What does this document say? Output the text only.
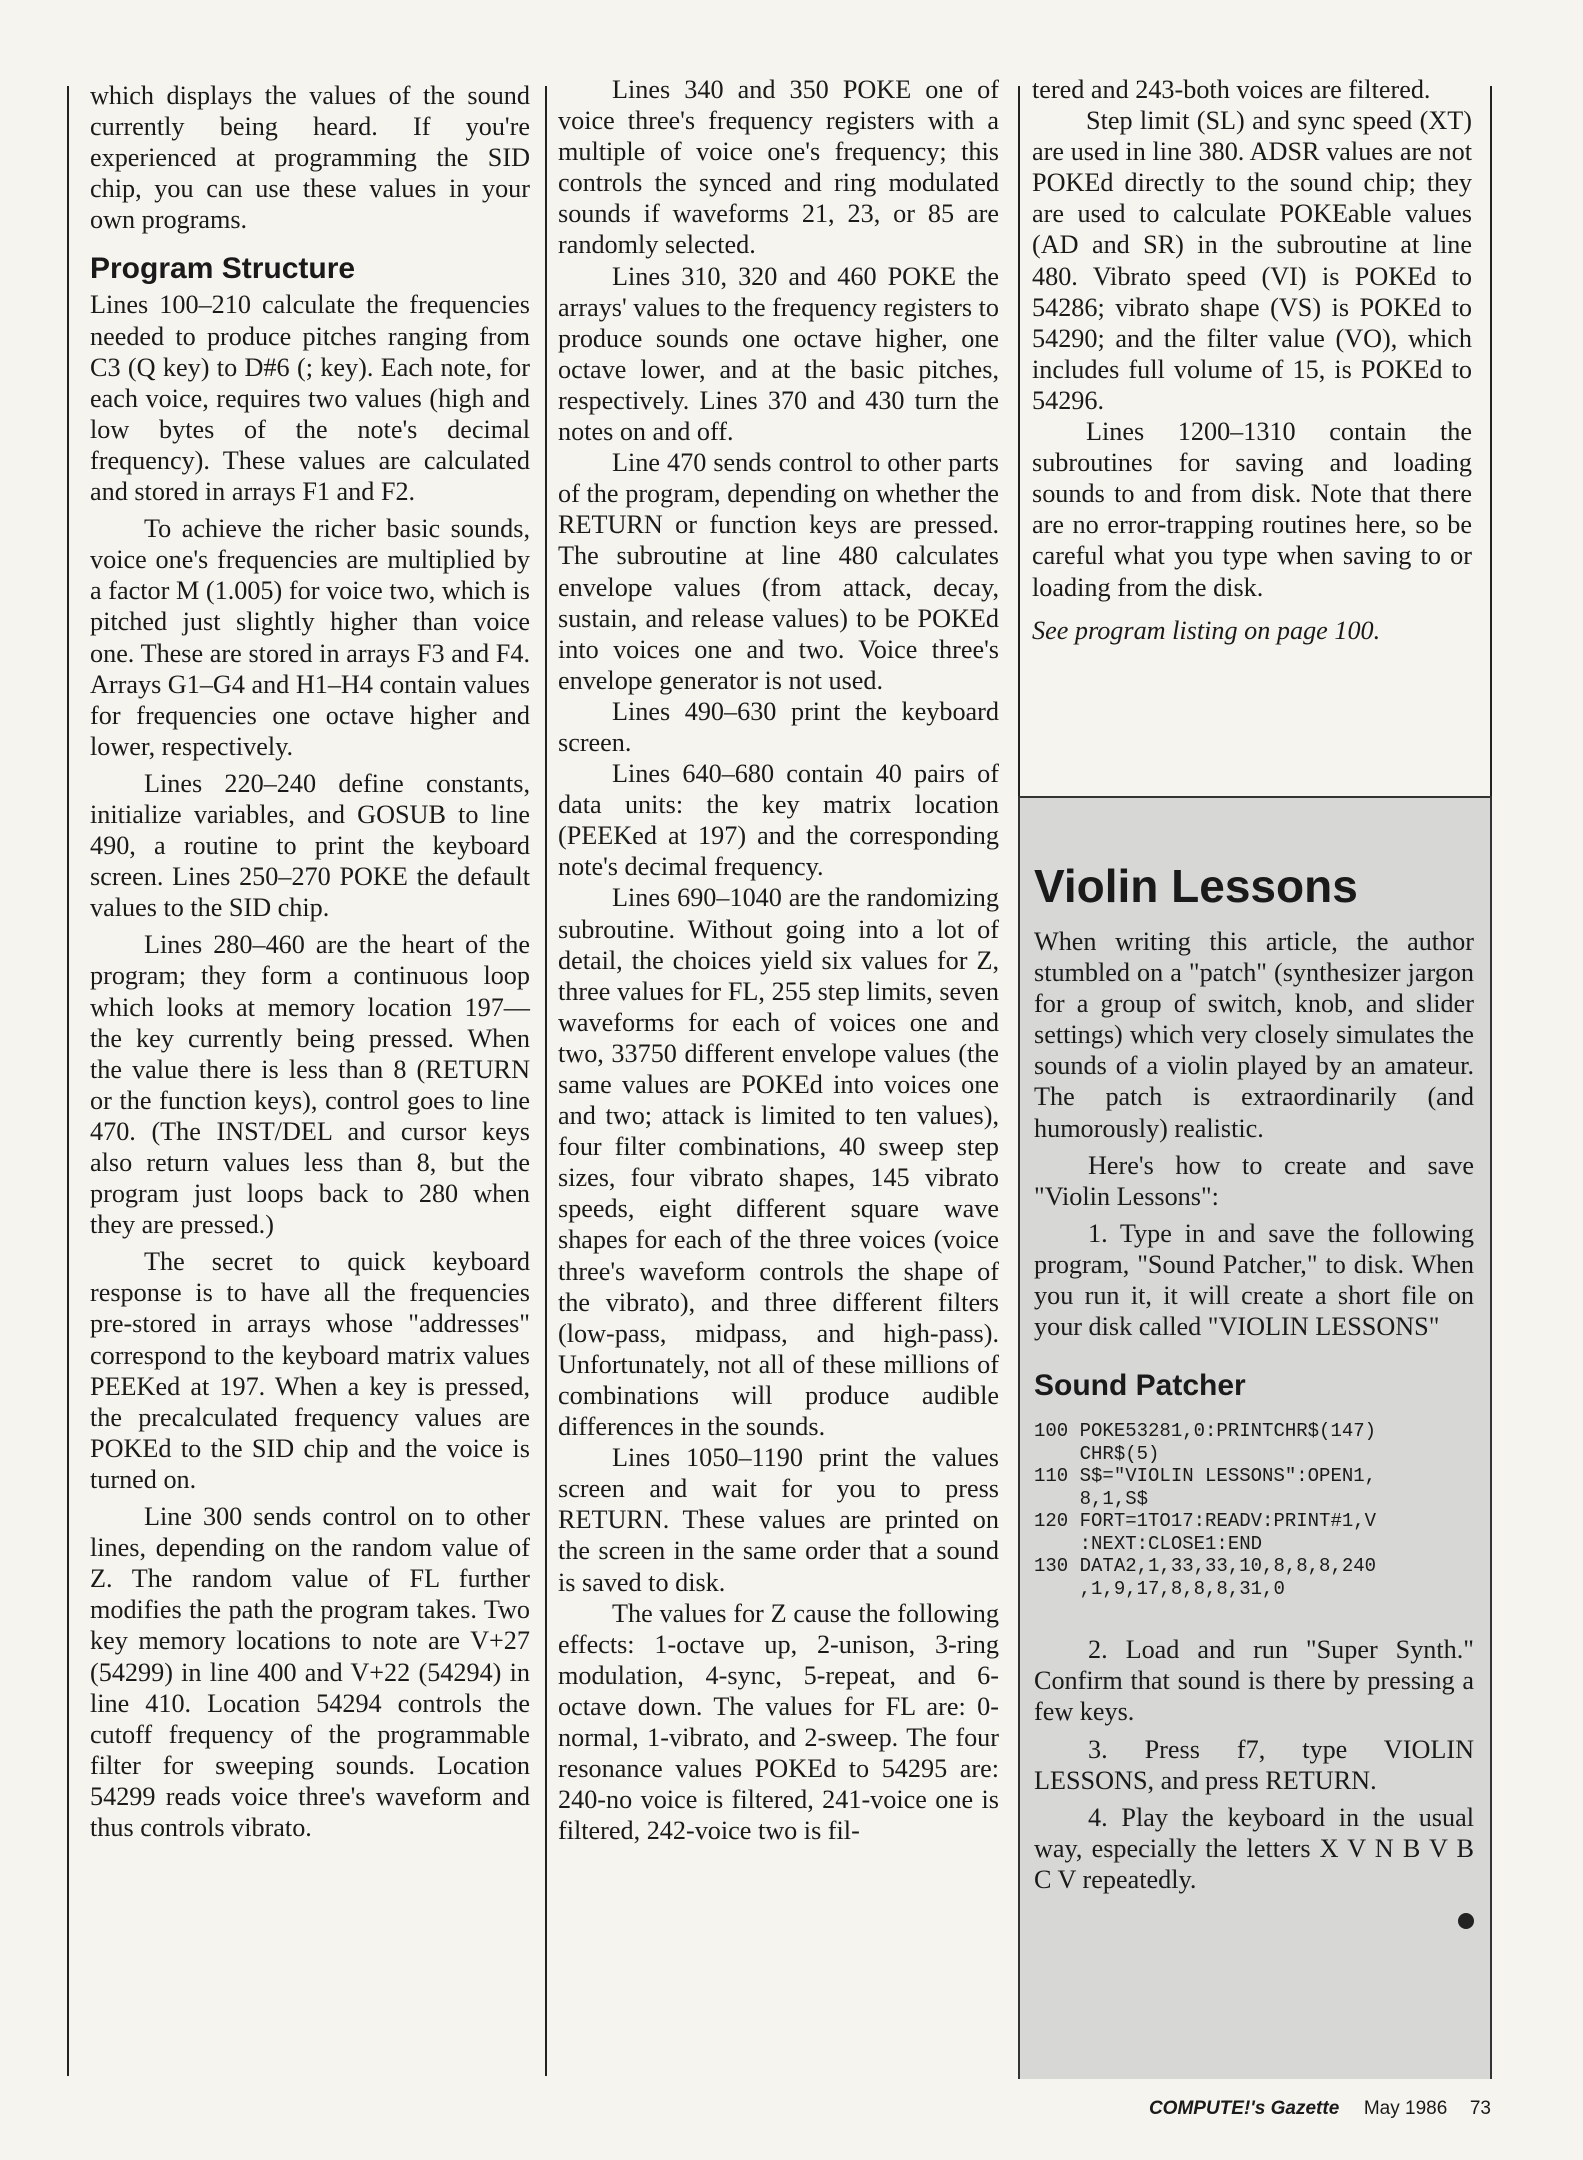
which displays the values of the sound currently being heard. If you're experienced at programming the SID chip, you can use these values in your own programs.

Program Structure

Lines 100–210 calculate the frequencies needed to produce pitches ranging from C3 (Q key) to D#6 (; key). Each note, for each voice, requires two values (high and low bytes of the note's decimal frequency). These values are calculated and stored in arrays F1 and F2.

To achieve the richer basic sounds, voice one's frequencies are multiplied by a factor M (1.005) for voice two, which is pitched just slightly higher than voice one. These are stored in arrays F3 and F4. Arrays G1–G4 and H1–H4 contain values for frequencies one octave higher and lower, respectively.

Lines 220–240 define constants, initialize variables, and GOSUB to line 490, a routine to print the keyboard screen. Lines 250–270 POKE the default values to the SID chip.

Lines 280–460 are the heart of the program; they form a continuous loop which looks at memory location 197—the key currently being pressed. When the value there is less than 8 (RETURN or the function keys), control goes to line 470. (The INST/DEL and cursor keys also return values less than 8, but the program just loops back to 280 when they are pressed.)

The secret to quick keyboard response is to have all the frequencies pre-stored in arrays whose "addresses" correspond to the keyboard matrix values PEEKed at 197. When a key is pressed, the precalculated frequency values are POKEd to the SID chip and the voice is turned on.

Line 300 sends control on to other lines, depending on the random value of Z. The random value of FL further modifies the path the program takes. Two key memory locations to note are V+27 (54299) in line 400 and V+22 (54294) in line 410. Location 54294 controls the cutoff frequency of the programmable filter for sweeping sounds. Location 54299 reads voice three's waveform and thus controls vibrato.

Lines 340 and 350 POKE one of voice three's frequency registers with a multiple of voice one's frequency; this controls the synced and ring modulated sounds if waveforms 21, 23, or 85 are randomly selected.

Lines 310, 320 and 460 POKE the arrays' values to the frequency registers to produce sounds one octave higher, one octave lower, and at the basic pitches, respectively. Lines 370 and 430 turn the notes on and off.

Line 470 sends control to other parts of the program, depending on whether the RETURN or function keys are pressed. The subroutine at line 480 calculates envelope values (from attack, decay, sustain, and release values) to be POKEd into voices one and two. Voice three's envelope generator is not used.

Lines 490–630 print the keyboard screen.

Lines 640–680 contain 40 pairs of data units: the key matrix location (PEEKed at 197) and the corresponding note's decimal frequency.

Lines 690–1040 are the randomizing subroutine. Without going into a lot of detail, the choices yield six values for Z, three values for FL, 255 step limits, seven waveforms for each of voices one and two, 33750 different envelope values (the same values are POKEd into voices one and two; attack is limited to ten values), four filter combinations, 40 sweep step sizes, four vibrato shapes, 145 vibrato speeds, eight different square wave shapes for each of the three voices (voice three's waveform controls the shape of the vibrato), and three different filters (low-pass, midpass, and high-pass). Unfortunately, not all of these millions of combinations will produce audible differences in the sounds.

Lines 1050–1190 print the values screen and wait for you to press RETURN. These values are printed on the screen in the same order that a sound is saved to disk.

The values for Z cause the following effects: 1-octave up, 2-unison, 3-ring modulation, 4-sync, 5-repeat, and 6-octave down. The values for FL are: 0-normal, 1-vibrato, and 2-sweep. The four resonance values POKEd to 54295 are: 240-no voice is filtered, 241-voice one is filtered, 242-voice two is fil-

tered and 243-both voices are filtered.

Step limit (SL) and sync speed (XT) are used in line 380. ADSR values are not POKEd directly to the sound chip; they are used to calculate POKEable values (AD and SR) in the subroutine at line 480. Vibrato speed (VI) is POKEd to 54286; vibrato shape (VS) is POKEd to 54290; and the filter value (VO), which includes full volume of 15, is POKEd to 54296.

Lines 1200–1310 contain the subroutines for saving and loading sounds to and from disk. Note that there are no error-trapping routines here, so be careful what you type when saving to or loading from the disk.

See program listing on page 100.

Violin Lessons

When writing this article, the author stumbled on a "patch" (synthesizer jargon for a group of switch, knob, and slider settings) which very closely simulates the sounds of a violin played by an amateur. The patch is extraordinarily (and humorously) realistic.

Here's how to create and save "Violin Lessons":

1. Type in and save the following program, "Sound Patcher," to disk. When you run it, it will create a short file on your disk called "VIOLIN LESSONS"

Sound Patcher
100 POKE53281,0:PRINTCHR$(147)
CHR$(5)
110 S$="VIOLIN LESSONS":OPEN1,
8,1,S$
120 FORT=1TO17:READV:PRINT#1,V
:NEXT:CLOSE1:END
130 DATA2,1,33,33,10,8,8,8,240
,1,9,17,8,8,8,31,0

2. Load and run "Super Synth." Confirm that sound is there by pressing a few keys.

3. Press f7, type VIOLIN LESSONS, and press RETURN.

4. Play the keyboard in the usual way, especially the letters X V N B V B C V repeatedly.

COMPUTE!'s Gazette May 1986 73
